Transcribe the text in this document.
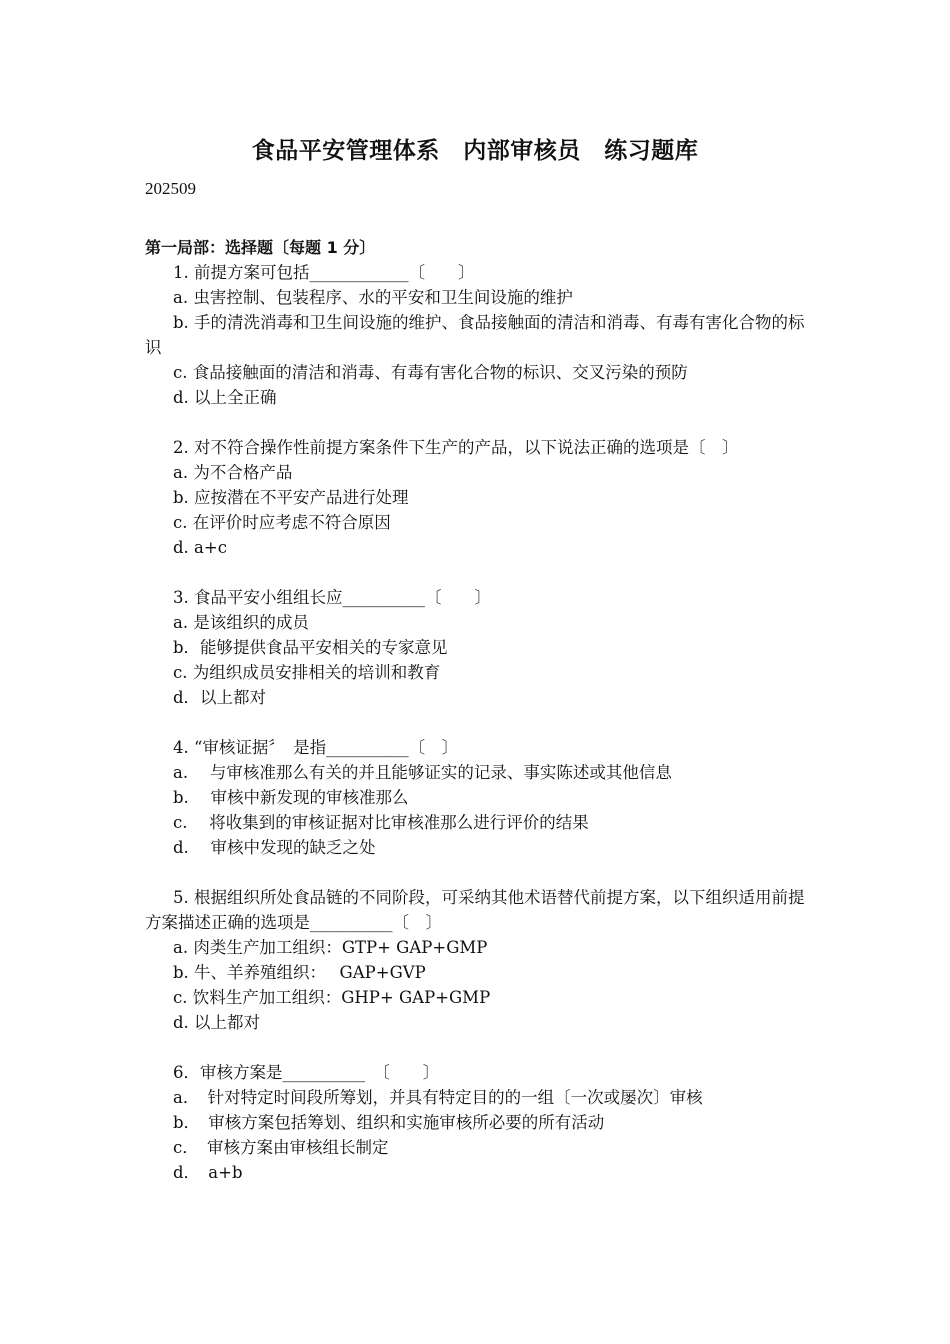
食品平安管理体系　内部审核员　练习题库
202509
第一局部：选择题〔每题 1 分〕
1. 前提方案可包括____________〔　　〕
a. 虫害控制、包装程序、水的平安和卫生间设施的维护
b. 手的清洗消毒和卫生间设施的维护、食品接触面的清洁和消毒、有毒有害化合物的标识
c. 食品接触面的清洁和消毒、有毒有害化合物的标识、交叉污染的预防
d. 以上全正确
2. 对不符合操作性前提方案条件下生产的产品，以下说法正确的选项是〔　〕
a. 为不合格产品
b. 应按潜在不平安产品进行处理
c. 在评价时应考虑不符合原因
d. a+c
3. 食品平安小组组长应__________〔　　〕
a. 是该组织的成员
b．能够提供食品平安相关的专家意见
c. 为组织成员安排相关的培训和教育
d．以上都对
4. “审核证据〞　是指__________〔　〕
a.　 与审核准那么有关的并且能够证实的记录、事实陈述或其他信息
b.　 审核中新发现的审核准那么
c.　 将收集到的审核证据对比审核准那么进行评价的结果
d.　 审核中发现的缺乏之处
5. 根据组织所处食品链的不同阶段，可采纳其他术语替代前提方案，以下组织适用前提方案描述正确的选项是__________〔　〕
a. 肉类生产加工组织：GTP+ GAP+GMP
b. 牛、羊养殖组织：　 GAP+GVP
c. 饮料生产加工组织：GHP+ GAP+GMP
d. 以上都对
6．审核方案是__________　〔　　〕
a．　针对特定时间段所筹划，并具有特定目的的一组〔一次或屡次〕审核
b．　审核方案包括筹划、组织和实施审核所必要的所有活动
c．　审核方案由审核组长制定
d．　a+b
